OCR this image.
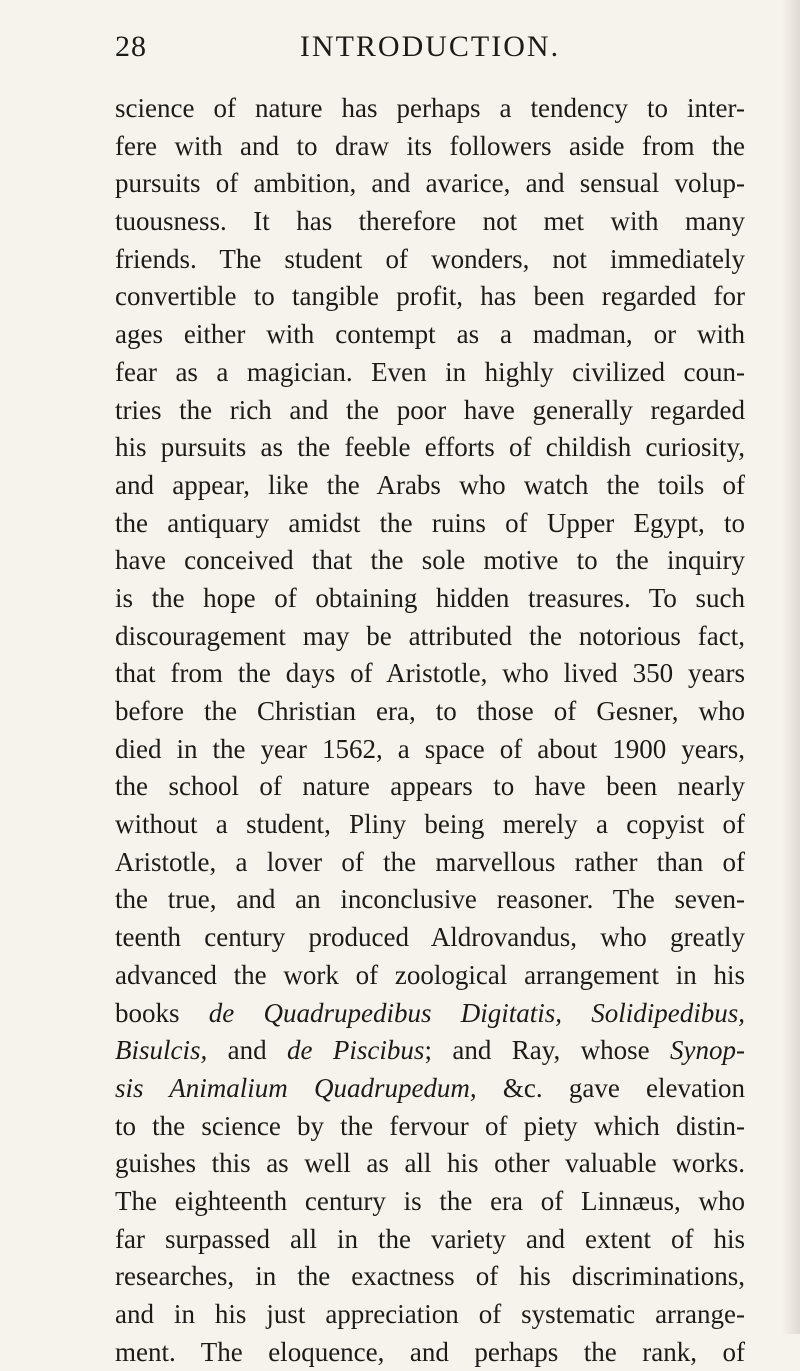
28	INTRODUCTION.
science of nature has perhaps a tendency to inter-
fere with and to draw its followers aside from the
pursuits of ambition, and avarice, and sensual volup-
tuousness. It has therefore not met with many
friends. The student of wonders, not immediately
convertible to tangible profit, has been regarded for
ages either with contempt as a madman, or with
fear as a magician. Even in highly civilized coun-
tries the rich and the poor have generally regarded
his pursuits as the feeble efforts of childish curiosity,
and appear, like the Arabs who watch the toils of
the antiquary amidst the ruins of Upper Egypt, to
have conceived that the sole motive to the inquiry
is the hope of obtaining hidden treasures. To such
discouragement may be attributed the notorious fact,
that from the days of Aristotle, who lived 350 years
before the Christian era, to those of Gesner, who
died in the year 1562, a space of about 1900 years,
the school of nature appears to have been nearly
without a student, Pliny being merely a copyist of
Aristotle, a lover of the marvellous rather than of
the true, and an inconclusive reasoner. The seven-
teenth century produced Aldrovandus, who greatly
advanced the work of zoological arrangement in his
books de Quadrupedibus Digitatis, Solidipedibus,
Bisulcis, and de Piscibus; and Ray, whose Synop-
sis Animalium Quadrupedum, &c. gave elevation
to the science by the fervour of piety which distin-
guishes this as well as all his other valuable works.
The eighteenth century is the era of Linnæus, who
far surpassed all in the variety and extent of his
researches, in the exactness of his discriminations,
and in his just appreciation of systematic arrange-
ment. The eloquence, and perhaps the rank, of
